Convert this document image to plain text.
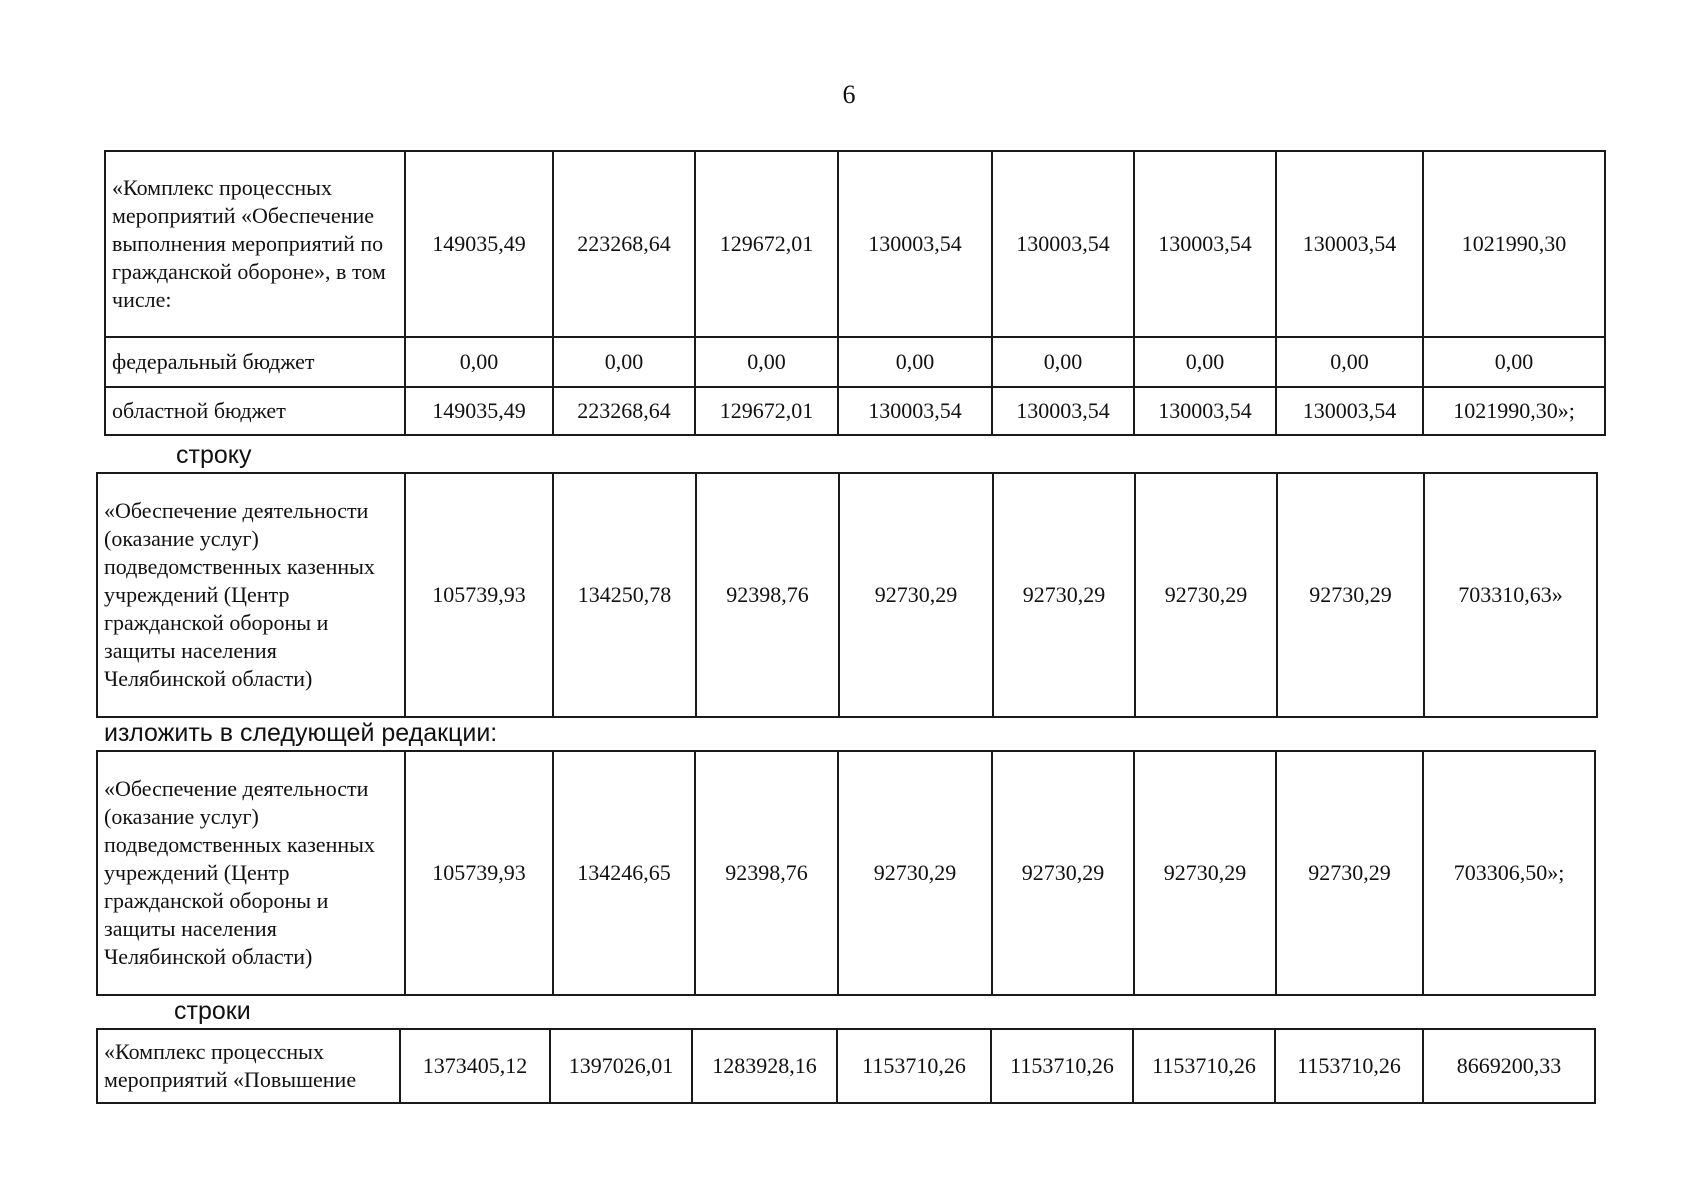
6
«Комплекс процессных мероприятий «Обеспечение выполнения мероприятий по гражданской обороне», в том числе:	149035,49	223268,64	129672,01	130003,54	130003,54	130003,54	130003,54	1021990,30
федеральный бюджет	0,00	0,00	0,00	0,00	0,00	0,00	0,00	0,00
областной бюджет	149035,49	223268,64	129672,01	130003,54	130003,54	130003,54	130003,54	1021990,30»;
строку
«Обеспечение деятельности (оказание услуг) подведомственных казенных учреждений (Центр гражданской обороны и защиты населения Челябинской области)	105739,93	134250,78	92398,76	92730,29	92730,29	92730,29	92730,29	703310,63»
изложить в следующей редакции:
«Обеспечение деятельности (оказание услуг) подведомственных казенных учреждений (Центр гражданской обороны и защиты населения Челябинской области)	105739,93	134246,65	92398,76	92730,29	92730,29	92730,29	92730,29	703306,50»;
строки
«Комплекс процессных мероприятий «Повышение	1373405,12	1397026,01	1283928,16	1153710,26	1153710,26	1153710,26	1153710,26	8669200,33
